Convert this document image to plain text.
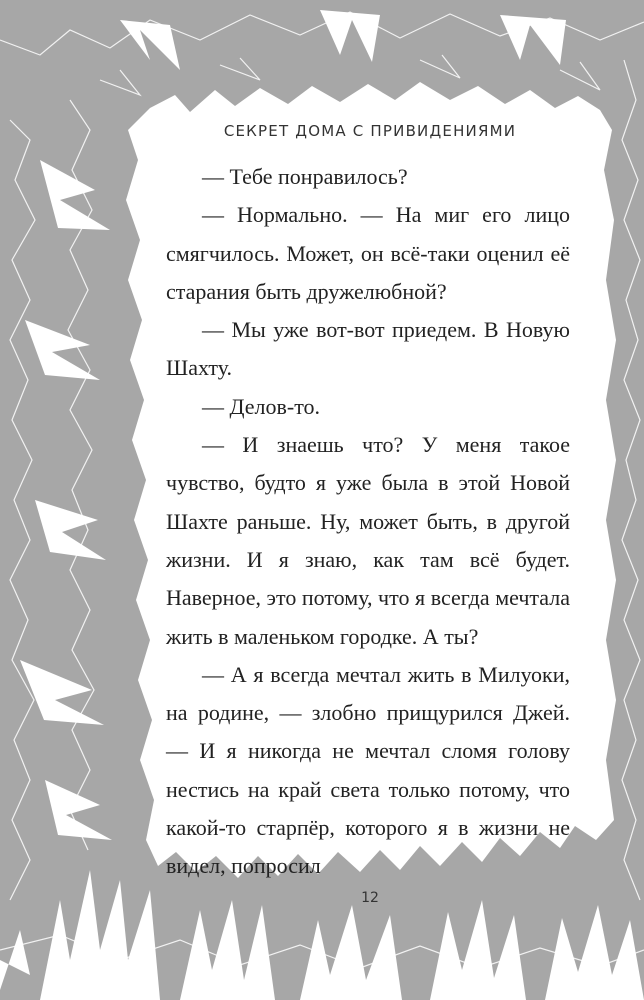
СЕКРЕТ ДОМА С ПРИВИДЕНИЯМИ

— Тебе понравилось?

— Нормально. — На миг его лицо смягчилось. Может, он всё-таки оценил её старания быть дружелюбной?

— Мы уже вот-вот приедем. В Новую Шахту.

— Делов-то.

— И знаешь что? У меня такое чувство, будто я уже была в этой Новой Шахте раньше. Ну, может быть, в другой жизни. И я знаю, как там всё будет. Наверное, это потому, что я всегда мечтала жить в маленьком городке. А ты?

— А я всегда мечтал жить в Милуоки, на родине, — злобно прищурился Джей. — И я никогда не мечтал сломя голову нестись на край света только потому, что какой-то старпёр, которого я в жизни не видел, попросил

12
